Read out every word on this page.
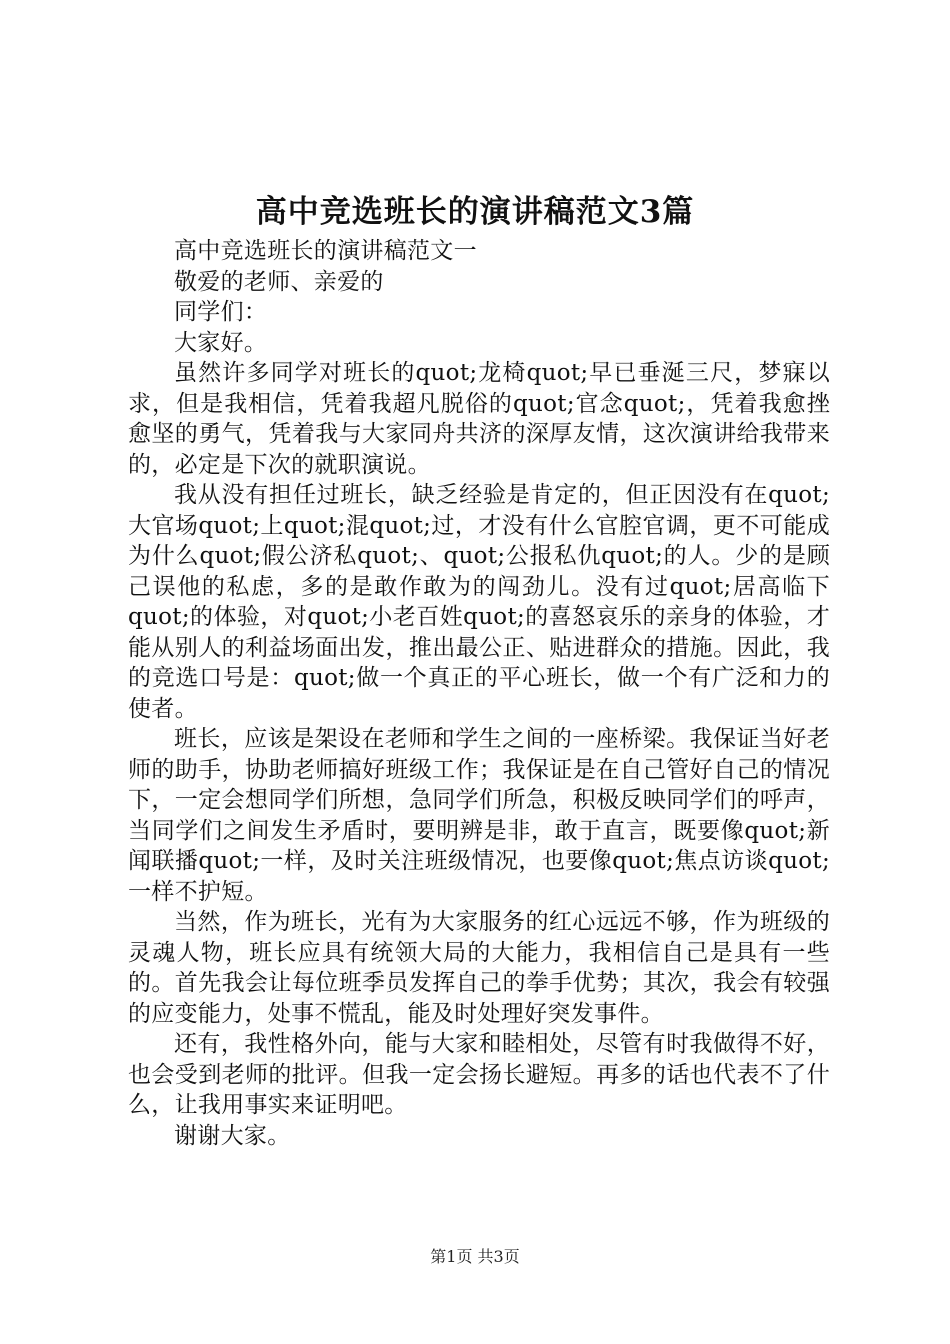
高中竞选班长的演讲稿范文3篇

高中竞选班长的演讲稿范文一

敬爱的老师、亲爱的

同学们：

大家好。

虽然许多同学对班长的quot;龙椅quot;早已垂涎三尺，梦寐以求，但是我相信，凭着我超凡脱俗的quot;官念quot;，凭着我愈挫愈坚的勇气，凭着我与大家同舟共济的深厚友情，这次演讲给我带来的，必定是下次的就职演说。

我从没有担任过班长，缺乏经验是肯定的，但正因没有在quot;大官场quot;上quot;混quot;过，才没有什么官腔官调，更不可能成为什么quot;假公济私quot;、quot;公报私仇quot;的人。少的是顾己误他的私虑，多的是敢作敢为的闯劲儿。没有过quot;居高临下quot;的体验，对quot;小老百姓quot;的喜怒哀乐的亲身的体验，才能从别人的利益场面出发，推出最公正、贴进群众的措施。因此，我的竞选口号是：quot;做一个真正的平心班长，做一个有广泛和力的使者。

班长，应该是架设在老师和学生之间的一座桥梁。我保证当好老师的助手，协助老师搞好班级工作；我保证是在自己管好自己的情况下，一定会想同学们所想，急同学们所急，积极反映同学们的呼声，当同学们之间发生矛盾时，要明辨是非，敢于直言，既要像quot;新闻联播quot;一样，及时关注班级情况，也要像quot;焦点访谈quot;一样不护短。

当然，作为班长，光有为大家服务的红心远远不够，作为班级的灵魂人物，班长应具有统领大局的大能力，我相信自己是具有一些的。首先我会让每位班季员发挥自己的拳手优势；其次，我会有较强的应变能力，处事不慌乱，能及时处理好突发事件。

还有，我性格外向，能与大家和睦相处，尽管有时我做得不好，也会受到老师的批评。但我一定会扬长避短。再多的话也代表不了什么，让我用事实来证明吧。

谢谢大家。

第1页 共3页
